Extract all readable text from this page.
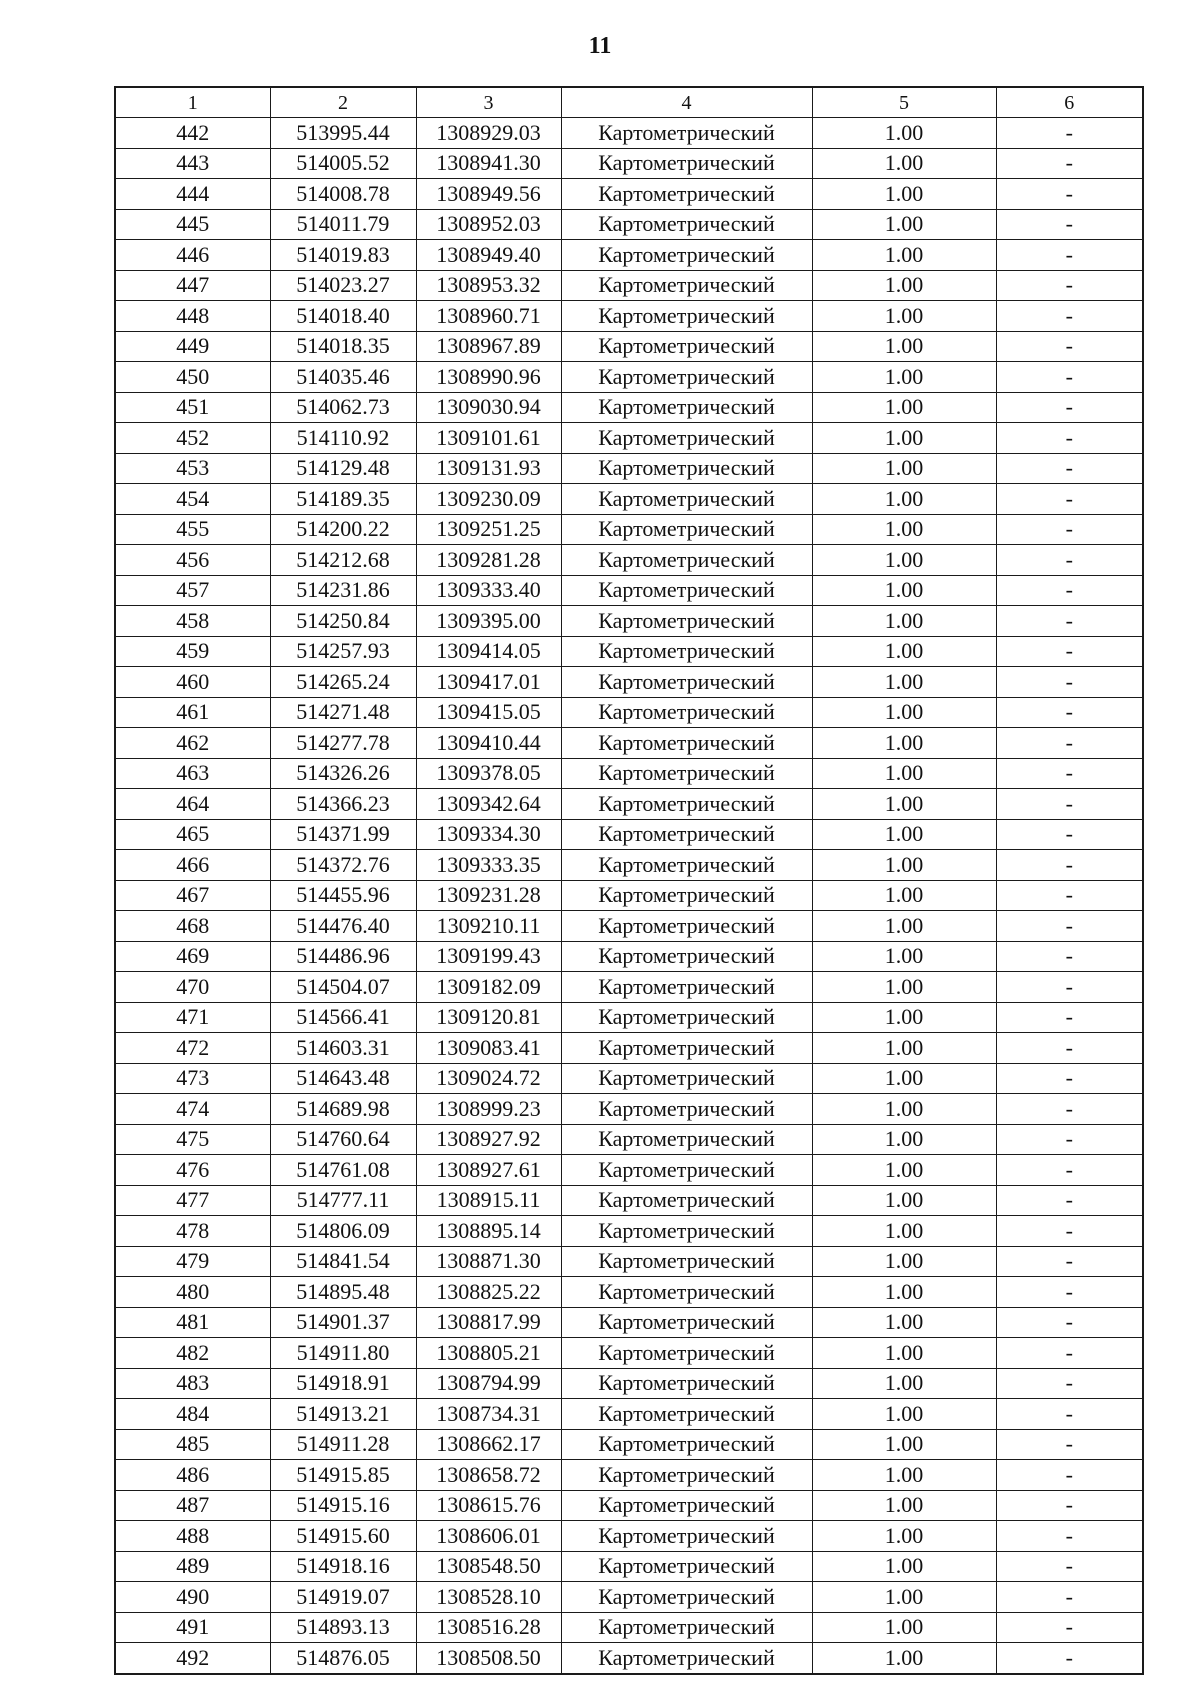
11
1	2	3	4	5	6
442	513995.44	1308929.03	Картометрический	1.00	-
443	514005.52	1308941.30	Картометрический	1.00	-
444	514008.78	1308949.56	Картометрический	1.00	-
445	514011.79	1308952.03	Картометрический	1.00	-
446	514019.83	1308949.40	Картометрический	1.00	-
447	514023.27	1308953.32	Картометрический	1.00	-
448	514018.40	1308960.71	Картометрический	1.00	-
449	514018.35	1308967.89	Картометрический	1.00	-
450	514035.46	1308990.96	Картометрический	1.00	-
451	514062.73	1309030.94	Картометрический	1.00	-
452	514110.92	1309101.61	Картометрический	1.00	-
453	514129.48	1309131.93	Картометрический	1.00	-
454	514189.35	1309230.09	Картометрический	1.00	-
455	514200.22	1309251.25	Картометрический	1.00	-
456	514212.68	1309281.28	Картометрический	1.00	-
457	514231.86	1309333.40	Картометрический	1.00	-
458	514250.84	1309395.00	Картометрический	1.00	-
459	514257.93	1309414.05	Картометрический	1.00	-
460	514265.24	1309417.01	Картометрический	1.00	-
461	514271.48	1309415.05	Картометрический	1.00	-
462	514277.78	1309410.44	Картометрический	1.00	-
463	514326.26	1309378.05	Картометрический	1.00	-
464	514366.23	1309342.64	Картометрический	1.00	-
465	514371.99	1309334.30	Картометрический	1.00	-
466	514372.76	1309333.35	Картометрический	1.00	-
467	514455.96	1309231.28	Картометрический	1.00	-
468	514476.40	1309210.11	Картометрический	1.00	-
469	514486.96	1309199.43	Картометрический	1.00	-
470	514504.07	1309182.09	Картометрический	1.00	-
471	514566.41	1309120.81	Картометрический	1.00	-
472	514603.31	1309083.41	Картометрический	1.00	-
473	514643.48	1309024.72	Картометрический	1.00	-
474	514689.98	1308999.23	Картометрический	1.00	-
475	514760.64	1308927.92	Картометрический	1.00	-
476	514761.08	1308927.61	Картометрический	1.00	-
477	514777.11	1308915.11	Картометрический	1.00	-
478	514806.09	1308895.14	Картометрический	1.00	-
479	514841.54	1308871.30	Картометрический	1.00	-
480	514895.48	1308825.22	Картометрический	1.00	-
481	514901.37	1308817.99	Картометрический	1.00	-
482	514911.80	1308805.21	Картометрический	1.00	-
483	514918.91	1308794.99	Картометрический	1.00	-
484	514913.21	1308734.31	Картометрический	1.00	-
485	514911.28	1308662.17	Картометрический	1.00	-
486	514915.85	1308658.72	Картометрический	1.00	-
487	514915.16	1308615.76	Картометрический	1.00	-
488	514915.60	1308606.01	Картометрический	1.00	-
489	514918.16	1308548.50	Картометрический	1.00	-
490	514919.07	1308528.10	Картометрический	1.00	-
491	514893.13	1308516.28	Картометрический	1.00	-
492	514876.05	1308508.50	Картометрический	1.00	-
